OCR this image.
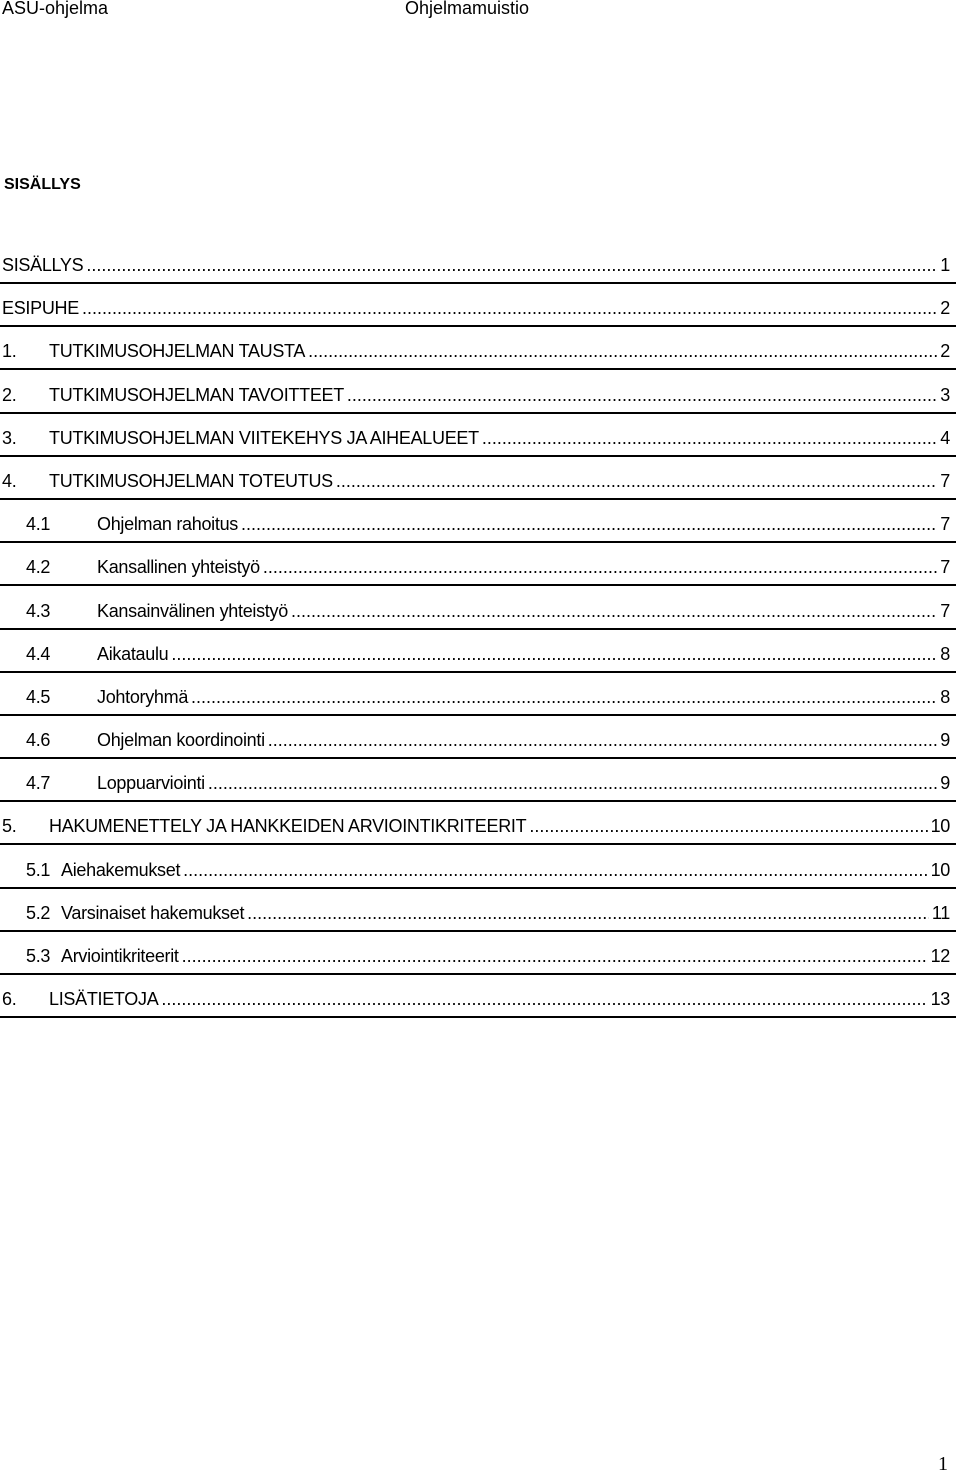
ASU-ohjelma	Ohjelmamuistio
SISÄLLYS
SISÄLLYS .....	1
ESIPUHE .....	2
1.	TUTKIMUSOHJELMAN TAUSTA .....	2
2.	TUTKIMUSOHJELMAN TAVOITTEET .....	3
3.	TUTKIMUSOHJELMAN VIITEKEHYS JA AIHEALUEET .....	4
4.	TUTKIMUSOHJELMAN TOTEUTUS .....	7
4.1	Ohjelman rahoitus .....	7
4.2	Kansallinen yhteistyö .....	7
4.3	Kansainvälinen yhteistyö .....	7
4.4	Aikataulu .....	8
4.5	Johtoryhmä .....	8
4.6	Ohjelman koordinointi .....	9
4.7	Loppuarviointi .....	9
5.	HAKUMENETTELY JA HANKKEIDEN ARVIOINTIKRITEERIT .....	10
5.1 Aiehakemukset .....	10
5.2 Varsinaiset hakemukset .....	11
5.3 Arviointikriteerit .....	12
6.	LISÄTIETOJA .....	13
1
